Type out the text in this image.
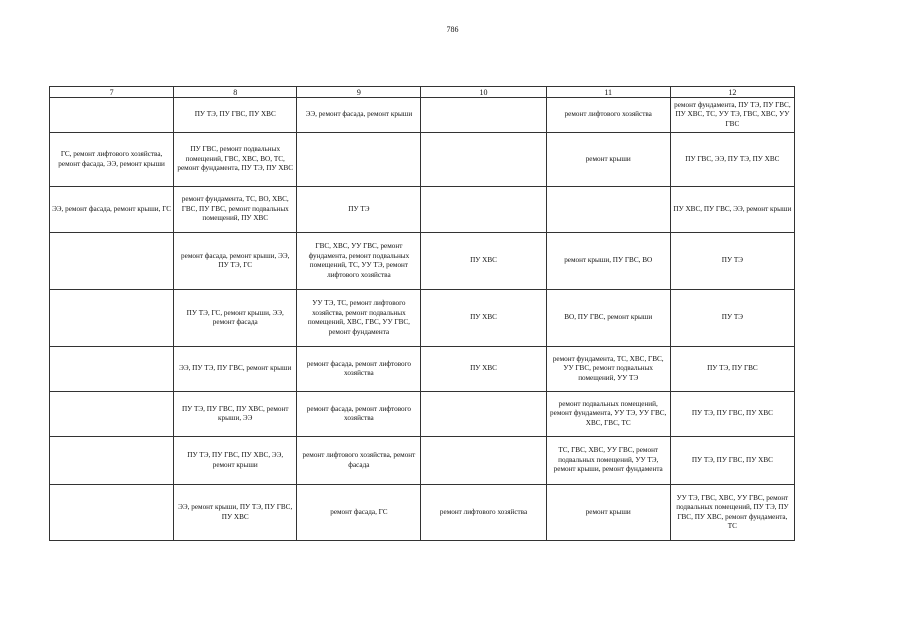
786
7	8	9	10	11	12
	ПУ ТЭ, ПУ ГВС, ПУ ХВС	ЭЭ, ремонт фасада, ремонт крыши		ремонт лифтового хозяйства	ремонт фундамента, ПУ ТЭ, ПУ ГВС, ПУ ХВС, ТС, УУ ТЭ, ГВС, ХВС, УУ ГВС
ГС, ремонт лифтового хозяйства, ремонт фасада, ЭЭ, ремонт крыши	ПУ ГВС, ремонт подвальных помещений, ГВС, ХВС, ВО, ТС, ремонт фундамента, ПУ ТЭ, ПУ ХВС			ремонт крыши	ПУ ГВС, ЭЭ, ПУ ТЭ, ПУ ХВС
ЭЭ, ремонт фасада, ремонт крыши, ГС	ремонт фундамента, ТС, ВО, ХВС, ГВС, ПУ ГВС, ремонт подвальных помещений, ПУ ХВС	ПУ ТЭ			ПУ ХВС, ПУ ГВС, ЭЭ, ремонт крыши
	ремонт фасада, ремонт крыши, ЭЭ, ПУ ТЭ, ГС	ГВС, ХВС, УУ ГВС, ремонт фундамента, ремонт подвальных помещений, ТС, УУ ТЭ, ремонт лифтового хозяйства	ПУ ХВС	ремонт крыши, ПУ ГВС, ВО	ПУ ТЭ
	ПУ ТЭ, ГС, ремонт крыши, ЭЭ, ремонт фасада	УУ ТЭ, ТС, ремонт лифтового хозяйства, ремонт подвальных помещений, ХВС, ГВС, УУ ГВС, ремонт фундамента	ПУ ХВС	ВО, ПУ ГВС, ремонт крыши	ПУ ТЭ
	ЭЭ, ПУ ТЭ, ПУ ГВС, ремонт крыши	ремонт фасада, ремонт лифтового хозяйства	ПУ ХВС	ремонт фундамента, ТС, ХВС, ГВС, УУ ГВС, ремонт подвальных помещений, УУ ТЭ	ПУ ТЭ, ПУ ГВС
	ПУ ТЭ, ПУ ГВС, ПУ ХВС, ремонт крыши, ЭЭ	ремонт фасада, ремонт лифтового хозяйства		ремонт подвальных помещений, ремонт фундамента, УУ ТЭ, УУ ГВС, ХВС, ГВС, ТС	ПУ ТЭ, ПУ ГВС, ПУ ХВС
	ПУ ТЭ, ПУ ГВС, ПУ ХВС, ЭЭ, ремонт крыши	ремонт лифтового хозяйства, ремонт фасада		ТС, ГВС, ХВС, УУ ГВС, ремонт подвальных помещений, УУ ТЭ, ремонт крыши, ремонт фундамента	ПУ ТЭ, ПУ ГВС, ПУ ХВС
	ЭЭ, ремонт крыши, ПУ ТЭ, ПУ ГВС, ПУ ХВС	ремонт фасада, ГС	ремонт лифтового хозяйства	ремонт крыши	УУ ТЭ, ГВС, ХВС, УУ ГВС, ремонт подвальных помещений, ПУ ТЭ, ПУ ГВС, ПУ ХВС, ремонт фундамента, ТС
